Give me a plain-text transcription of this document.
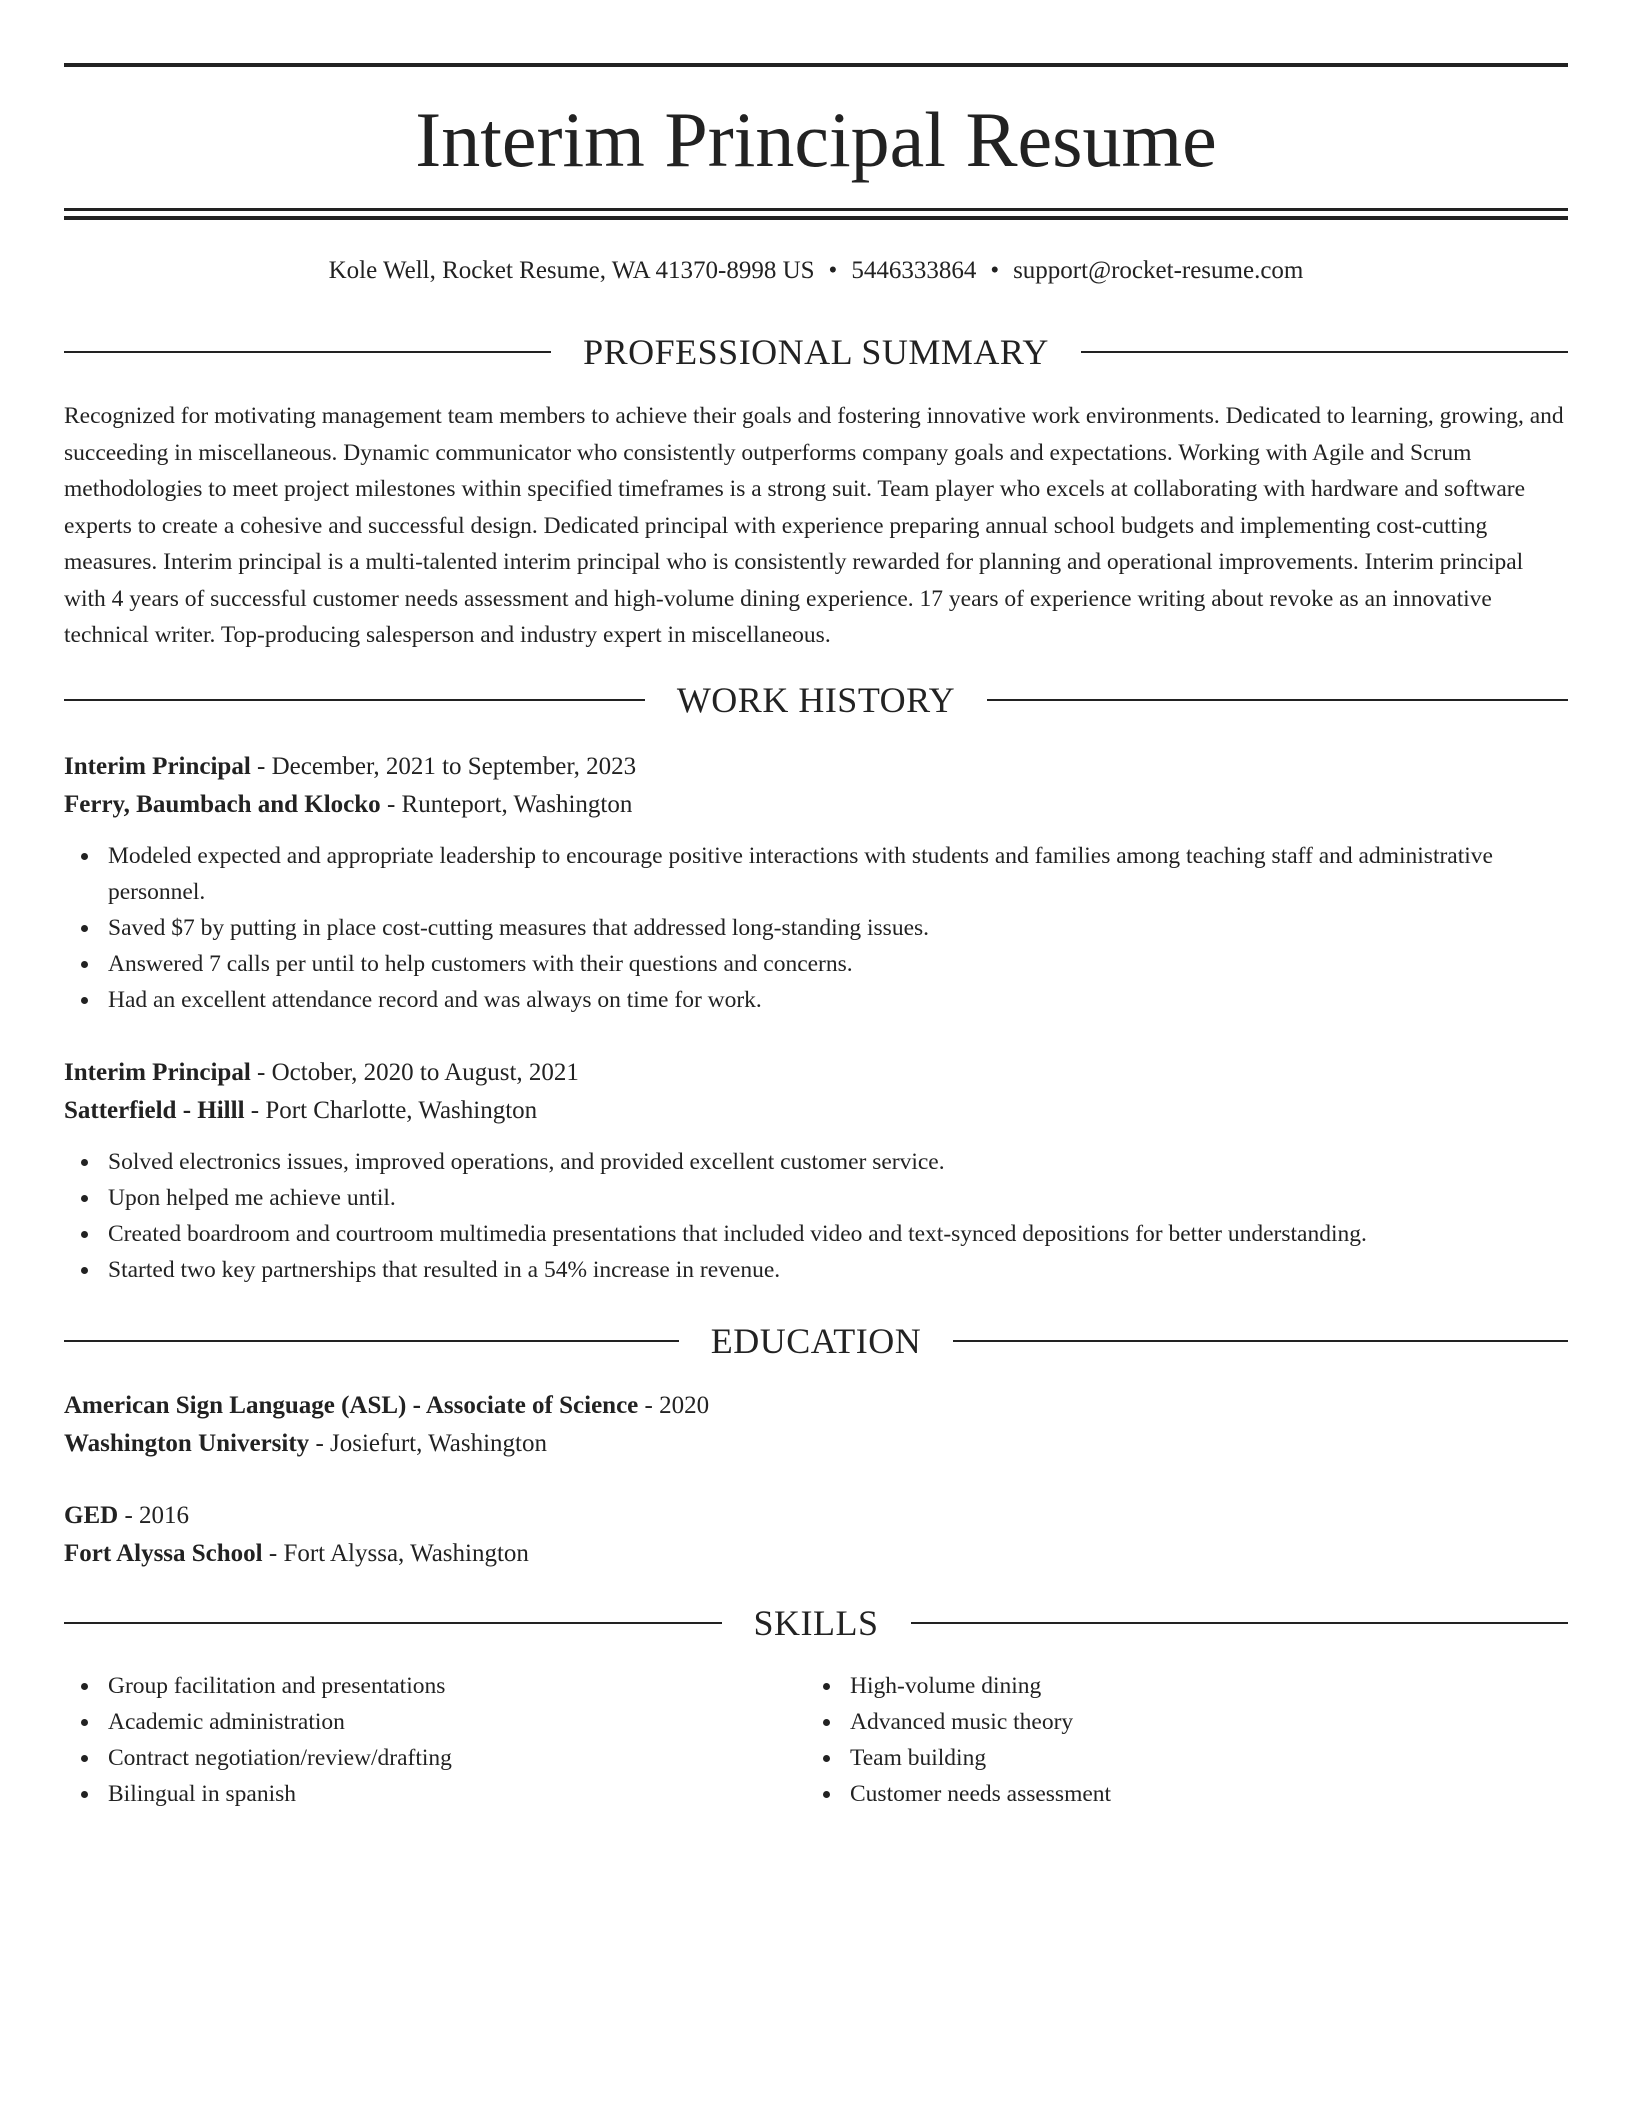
Interim Principal Resume
Kole Well, Rocket Resume, WA 41370-8998 US • 5446333864 • support@rocket-resume.com
PROFESSIONAL SUMMARY

Recognized for motivating management team members to achieve their goals and fostering innovative work environments. Dedicated to learning, growing, and succeeding in miscellaneous. Dynamic communicator who consistently outperforms company goals and expectations. Working with Agile and Scrum methodologies to meet project milestones within specified timeframes is a strong suit. Team player who excels at collaborating with hardware and software experts to create a cohesive and successful design. Dedicated principal with experience preparing annual school budgets and implementing cost-cutting measures. Interim principal is a multi-talented interim principal who is consistently rewarded for planning and operational improvements. Interim principal with 4 years of successful customer needs assessment and high-volume dining experience. 17 years of experience writing about revoke as an innovative technical writer. Top-producing salesperson and industry expert in miscellaneous.

WORK HISTORY
Interim Principal - December, 2021 to September, 2023
Ferry, Baumbach and Klocko - Runteport, Washington
Modeled expected and appropriate leadership to encourage positive interactions with students and families among teaching staff and administrative personnel.
Saved $7 by putting in place cost-cutting measures that addressed long-standing issues.
Answered 7 calls per until to help customers with their questions and concerns.
Had an excellent attendance record and was always on time for work.
Interim Principal - October, 2020 to August, 2021
Satterfield - Hilll - Port Charlotte, Washington
Solved electronics issues, improved operations, and provided excellent customer service.
Upon helped me achieve until.
Created boardroom and courtroom multimedia presentations that included video and text-synced depositions for better understanding.
Started two key partnerships that resulted in a 54% increase in revenue.
EDUCATION
American Sign Language (ASL) - Associate of Science - 2020
Washington University - Josiefurt, Washington
GED - 2016
Fort Alyssa School - Fort Alyssa, Washington
SKILLS
Group facilitation and presentations
Academic administration
Contract negotiation/review/drafting
Bilingual in spanish
High-volume dining
Advanced music theory
Team building
Customer needs assessment
